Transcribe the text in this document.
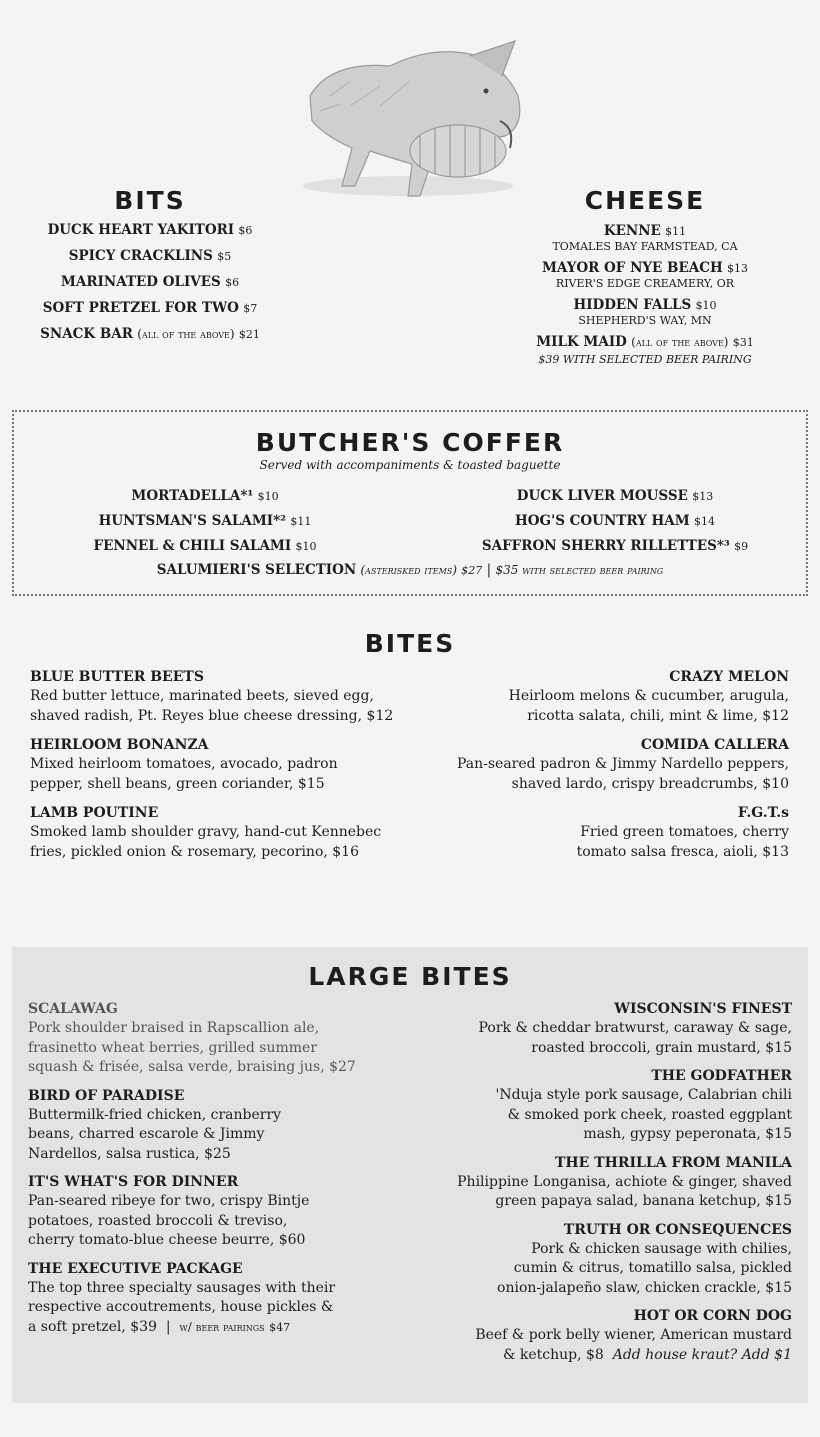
BITS
DUCK HEART YAKITORI $6
SPICY CRACKLINS $5
MARINATED OLIVES $6
SOFT PRETZEL FOR TWO $7
SNACK BAR (all of the above) $21
CHEESE
KENNE $11
TOMALES BAY FARMSTEAD, CA
MAYOR OF NYE BEACH $13
RIVER'S EDGE CREAMERY, OR
HIDDEN FALLS $10
SHEPHERD'S WAY, MN
MILK MAID (all of the above) $31
$39 WITH SELECTED BEER PAIRING
BUTCHER'S COFFER
Served with accompaniments & toasted baguette
MORTADELLA*¹ $10
HUNTSMAN'S SALAMI*² $11
FENNEL & CHILI SALAMI $10
DUCK LIVER MOUSSE $13
HOG'S COUNTRY HAM $14
SAFFRON SHERRY RILLETTES*³ $9
SALUMIERI'S SELECTION (asterisked items) $27 | $35 with selected beer pairing
BITES
BLUE BUTTER BEETS
Red butter lettuce, marinated beets, sieved egg,
shaved radish, Pt. Reyes blue cheese dressing, $12
HEIRLOOM BONANZA
Mixed heirloom tomatoes, avocado, padron
pepper, shell beans, green coriander, $15
LAMB POUTINE
Smoked lamb shoulder gravy, hand-cut Kennebec
fries, pickled onion & rosemary, pecorino, $16
CRAZY MELON
Heirloom melons & cucumber, arugula,
ricotta salata, chili, mint & lime, $12
COMIDA CALLERA
Pan-seared padron & Jimmy Nardello peppers,
shaved lardo, crispy breadcrumbs, $10
F.G.T.s
Fried green tomatoes, cherry
tomato salsa fresca, aioli, $13
LARGE BITES
SCALAWAG
Pork shoulder braised in Rapscallion ale,
frasinetto wheat berries, grilled summer
squash & frisée, salsa verde, braising jus, $27
BIRD OF PARADISE
Buttermilk-fried chicken, cranberry
beans, charred escarole & Jimmy
Nardellos, salsa rustica, $25
IT'S WHAT'S FOR DINNER
Pan-seared ribeye for two, crispy Bintje
potatoes, roasted broccoli & treviso,
cherry tomato-blue cheese beurre, $60
THE EXECUTIVE PACKAGE
The top three specialty sausages with their
respective accoutrements, house pickles &
a soft pretzel, $39  |  w/ beer pairings $47
WISCONSIN'S FINEST
Pork & cheddar bratwurst, caraway & sage,
roasted broccoli, grain mustard, $15
THE GODFATHER
'Nduja style pork sausage, Calabrian chili
& smoked pork cheek, roasted eggplant
mash, gypsy peperonata, $15
THE THRILLA FROM MANILA
Philippine Longanisa, achiote & ginger, shaved
green papaya salad, banana ketchup, $15
TRUTH OR CONSEQUENCES
Pork & chicken sausage with chilies,
cumin & citrus, tomatillo salsa, pickled
onion-jalapeño slaw, chicken crackle, $15
HOT OR CORN DOG
Beef & pork belly wiener, American mustard
& ketchup, $8  Add house kraut? Add $1
